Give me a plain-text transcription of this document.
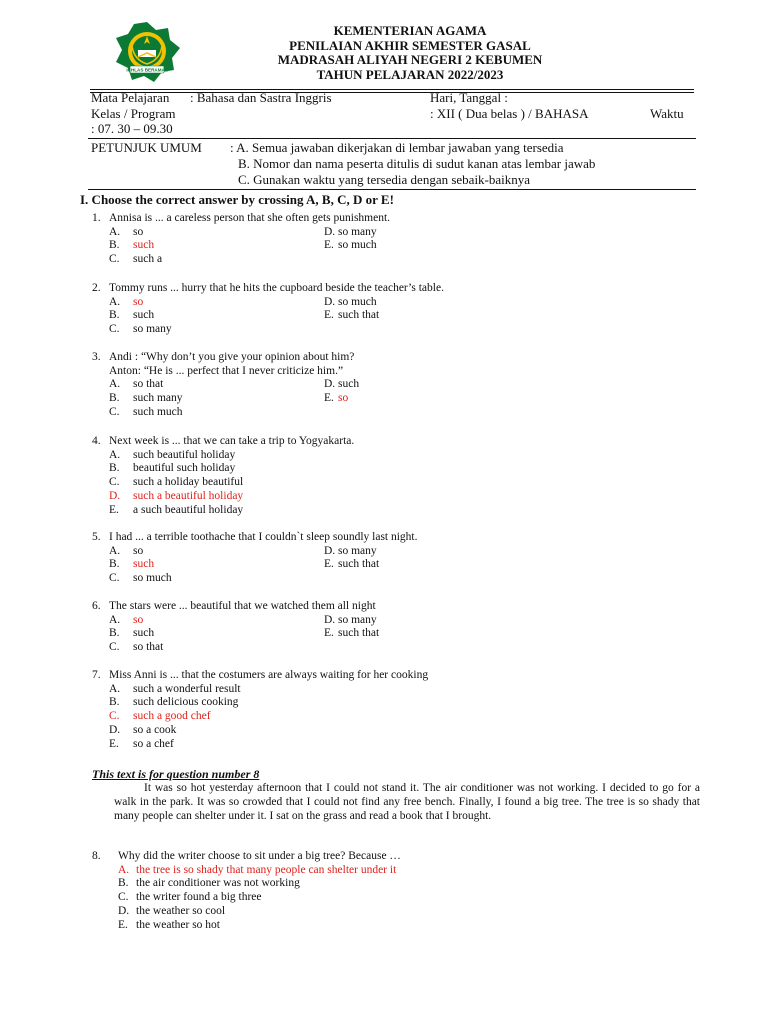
IKHLAS BERAMAL
KEMENTERIAN AGAMA
PENILAIAN AKHIR SEMESTER GASAL
MADRASAH ALIYAH NEGERI 2 KEBUMEN
TAHUN PELAJARAN 2022/2023
Mata Pelajaran : Bahasa dan Sastra Inggris	Hari, Tanggal :
Kelas / Program	: XII ( Dua belas ) / BAHASA	Waktu
: 07. 30 – 09.30
PETUNJUK UMUM : A. Semua jawaban dikerjakan di lembar jawaban yang tersedia
B. Nomor dan nama peserta ditulis di sudut kanan atas lembar jawab
C. Gunakan waktu yang tersedia dengan sebaik-baiknya
I. Choose the correct answer by crossing A, B, C, D or E!
1. Annisa is ... a careless person that she often gets punishment.
A.	so
B.	such
C.	such a
D. so many
E. so much
2. Tommy runs ... hurry that he hits the cupboard beside the teacher’s table.
A.	so
B.	such
C.	so many
D. so much
E. such that
3. Andi : “Why don’t you give your opinion about him?
Anton: “He is ... perfect that I never criticize him.”
A.	so that
B.	such many
C.	such much
D. such
E. so
4. Next week is ... that we can take a trip to Yogyakarta.
A.	such beautiful holiday
B.	beautiful such holiday
C.	such a holiday beautiful
D.	such a beautiful holiday
E.	a such beautiful holiday
5. I had ... a terrible toothache that I couldn`t sleep soundly last night.
A.	so
B.	such
C.	so much
D. so many
E. such that
6. The stars were ... beautiful that we watched them all night
A.	so
B.	such
C.	so that
D. so many
E. such that
7. Miss Anni is ... that the costumers are always waiting for her cooking
A.	such a wonderful result
B.	such delicious cooking
C.	such a good chef
D.	so a cook
E.	so a chef
This text is for question number 8
It was so hot yesterday afternoon that I could not stand it. The air conditioner was not working. I decided to go for a walk in the park. It was so crowded that I could not find any free bench. Finally, I found a big tree. The tree is so shady that many people can shelter under it. I sat on the grass and read a book that I brought.
8.	Why did the writer choose to sit under a big tree? Because …
A. the tree is so shady that many people can shelter under it
B. the air conditioner was not working
C. the writer found a big three
D. the weather so cool
E. the weather so hot
